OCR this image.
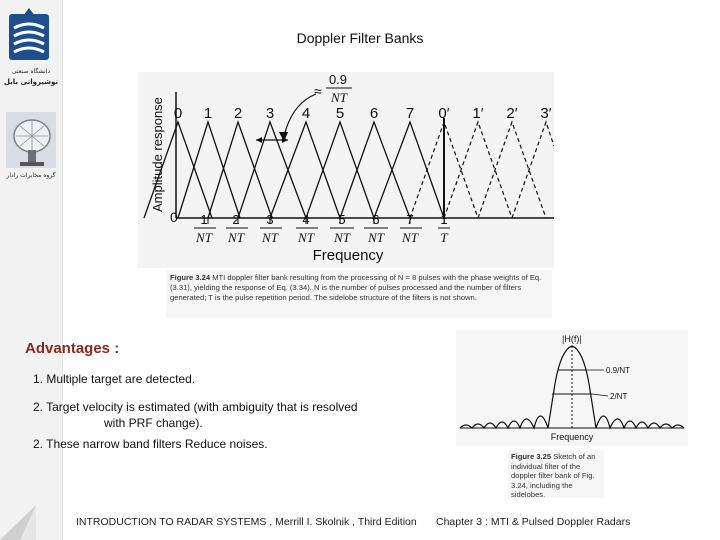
دانشگاه صنعتی
نوشیروانی بابل
گروه مخابرات رادار
Doppler Filter Banks
Amplitude response 0 1 2 3 4 5 6 7 0′ 1′ 2′ 3′
≈
0.9
NT
0 1 2 3 4 5 6 7 1
NT NT NT NT NT NT NT T
Frequency
Figure 3.24 MTI doppler filter bank resulting from the processing of N = 8 pulses with the phase weights of Eq. (3.31), yielding the response of Eq. (3.34). N is the number of pulses processed and the number of filters generated; T is the pulse repetition period. The sidelobe structure of the filters is not shown.
Advantages :
1. Multiple target are detected.
2. Target velocity is estimated (with ambiguity that is resolved
with PRF change).
2. These narrow band filters Reduce noises.
|H(f)|
0.9/NT
2/NT
Frequency
Figure 3.25 Sketch of an individual filter of the doppler filter bank of Fig. 3.24, including the sidelobes.
INTRODUCTION TO RADAR SYSTEMS , Merrill I. Skolnik , Third Edition Chapter 3 : MTI & Pulsed Doppler Radars
